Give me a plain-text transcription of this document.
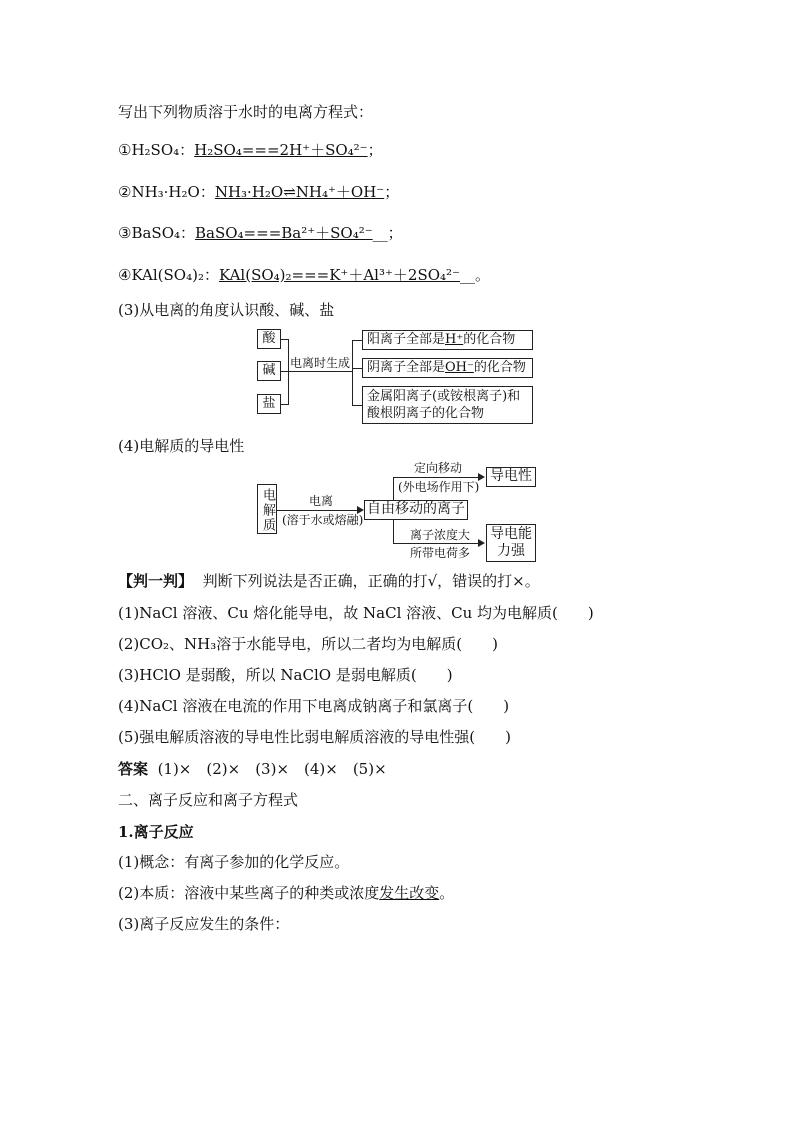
写出下列物质溶于水时的电离方程式：
①H₂SO₄：H₂SO₄===2H⁺＋SO₄²⁻；
②NH₃·H₂O：NH₃·H₂O⇌NH₄⁺＋OH⁻；
③BaSO₄：BaSO₄===Ba²⁺＋SO₄²⁻__；
④KAl(SO₄)₂：KAl(SO₄)₂===K⁺＋Al³⁺＋2SO₄²⁻__。
(3)从电离的角度认识酸、碱、盐
酸
碱
盐
电离时生成
阳离子全部是H⁺的化合物
阴离子全部是OH⁻的化合物
金属阳离子(或铵根离子)和
酸根阴离子的化合物
(4)电解质的导电性
电解质	电离
(溶于水或熔融)
自由移动的离子
定向移动
(外电场作用下)
导电性
离子浓度大
所带电荷多
导电能
力强
【判一判】 判断下列说法是否正确，正确的打√，错误的打×。
(1)NaCl 溶液、Cu 熔化能导电，故 NaCl 溶液、Cu 均为电解质(　　)
(2)CO₂、NH₃溶于水能导电，所以二者均为电解质(　　)
(3)HClO 是弱酸，所以 NaClO 是弱电解质(　　)
(4)NaCl 溶液在电流的作用下电离成钠离子和氯离子(　　)
(5)强电解质溶液的导电性比弱电解质溶液的导电性强(　　)
答案 (1)×　(2)×　(3)×　(4)×　(5)×
二、离子反应和离子方程式
1.离子反应
(1)概念：有离子参加的化学反应。
(2)本质：溶液中某些离子的种类或浓度发生改变。
(3)离子反应发生的条件：
